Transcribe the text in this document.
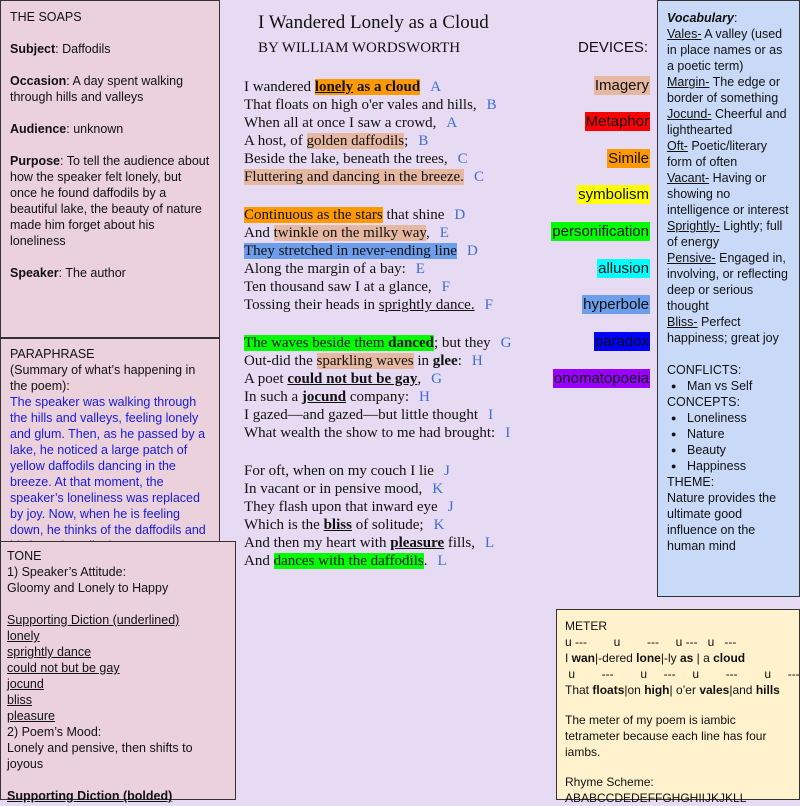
THE SOAPS

Subject: Daffodils

Occasion: A day spent walking through hills and valleys

Audience: unknown

Purpose: To tell the audience about how the speaker felt lonely, but once he found daffodils by a beautiful lake, the beauty of nature made him forget about his loneliness

Speaker: The author

PARAPHRASE
(Summary of what’s happening in the poem):
The speaker was walking through the hills and valleys, feeling lonely and glum. Then, as he passed by a lake, he noticed a large patch of yellow daffodils dancing in the breeze. At that moment, the speaker’s loneliness was replaced by joy. Now, when he is feeling down, he thinks of the daffodils and
TONE
1) Speaker’s Attitude:
Gloomy and Lonely to Happy
Supporting Diction (underlined)
lonely
sprightly dance
could not but be gay
jocund
bliss
pleasure
2) Poem’s Mood:
Lonely and pensive, then shifts to joyous
Supporting Diction (bolded)
I Wandered Lonely as a Cloud
BY WILLIAM WORDSWORTH
I wandered lonely as a cloud A
That floats on high o'er vales and hills, B
When all at once I saw a crowd, A
A host, of golden daffodils; B
Beside the lake, beneath the trees, C
Fluttering and dancing in the breeze. C
Continuous as the stars that shine D
And twinkle on the milky way, E
They stretched in never-ending line D
Along the margin of a bay: E
Ten thousand saw I at a glance, F
Tossing their heads in sprightly dance. F
The waves beside them danced; but they G
Out-did the sparkling waves in glee: H
A poet could not but be gay, G
In such a jocund company: H
I gazed—and gazed—but little thought I
What wealth the show to me had brought: I
For oft, when on my couch I lie J
In vacant or in pensive mood, K
They flash upon that inward eye J
Which is the bliss of solitude; K
And then my heart with pleasure fills, L
And dances with the daffodils. L
DEVICES:
Imagery
Metaphor
Simile
symbolism
personification
allusion
hyperbole
paradox
onomatopoeia
Vocabulary:
Vales- A valley (used in place names or as a poetic term)
Margin- The edge or border of something
Jocund- Cheerful and lighthearted
Oft- Poetic/literary form of often
Vacant- Having or showing no intelligence or interest
Sprightly- Lightly; full of energy
Pensive- Engaged in, involving, or reflecting deep or serious thought
Bliss- Perfect happiness; great joy
CONFLICTS:
● Man vs Self
CONCEPTS:
● Loneliness
● Nature
● Beauty
● Happiness
THEME:
Nature provides the ultimate good influence on the human mind
METER
u ---        u        ---     u ---   u   ---
I wan|-dered lone|-ly as | a cloud
u        ---        u     ---     u        ---        u     ---
That floats|on high| o’er vales|and hills
The meter of my poem is iambic tetrameter because each line has four iambs.
Rhyme Scheme:
ABABCCDEDEFFGHGHIIJKJKLL
